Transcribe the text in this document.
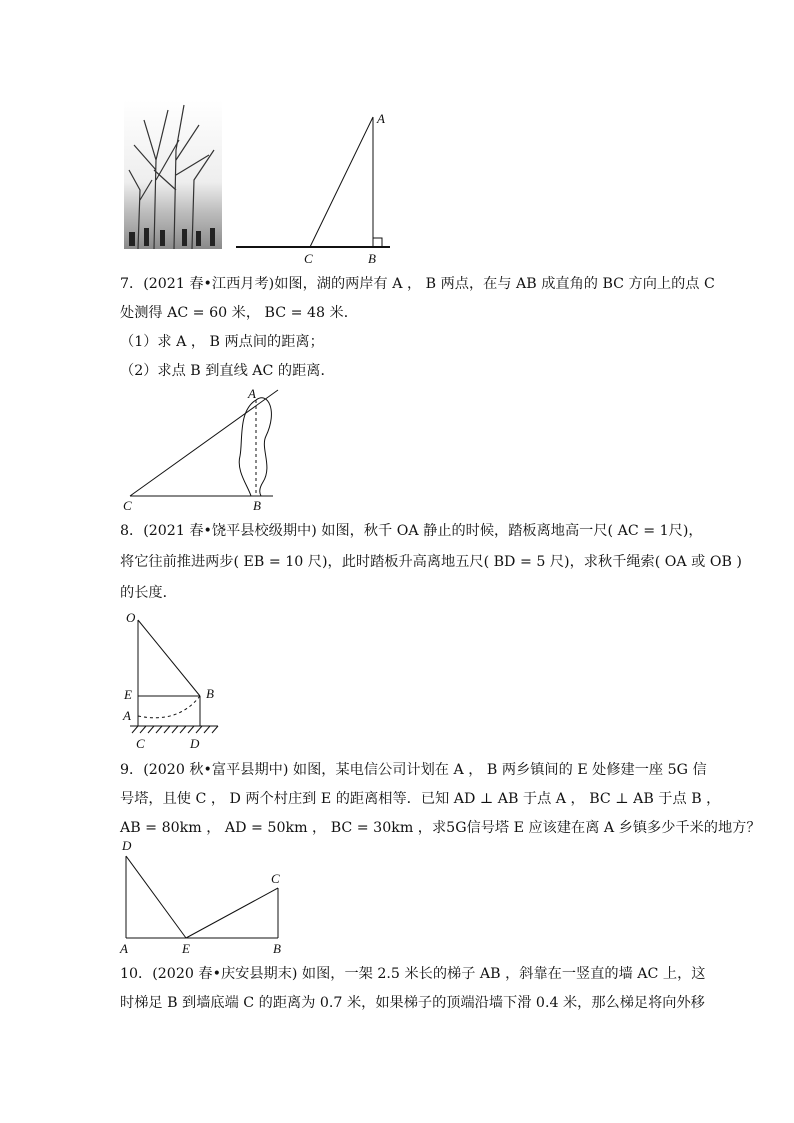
A
C	B
7．(2021 春•江西月考)如图，湖的两岸有 A ， B 两点，在与 AB 成直角的 BC 方向上的点 C
处测得 AC = 60 米， BC = 48 米．
（1）求 A ， B 两点间的距离；
（2）求点 B 到直线 AC 的距离．
A
C	B
8．(2021 春•饶平县校级期中) 如图，秋千 OA 静止的时候，踏板离地高一尺( AC = 1尺)，
将它往前推进两步( EB = 10 尺)，此时踏板升高离地五尺( BD = 5 尺)，求秋千绳索( OA 或 OB )
的长度．
O
E	B
A
C	D
9．(2020 秋•富平县期中) 如图，某电信公司计划在 A ， B 两乡镇间的 E 处修建一座 5G 信
号塔，且使 C ， D 两个村庄到 E 的距离相等．已知 AD ⊥ AB 于点 A ， BC ⊥ AB 于点 B ，
AB = 80km ， AD = 50km ， BC = 30km ，求5G信号塔 E 应该建在离 A 乡镇多少千米的地方？
D
C
A	E	B
10．(2020 春•庆安县期末) 如图，一架 2.5 米长的梯子 AB ，斜靠在一竖直的墙 AC 上，这
时梯足 B 到墙底端 C 的距离为 0.7 米，如果梯子的顶端沿墙下滑 0.4 米，那么梯足将向外移
